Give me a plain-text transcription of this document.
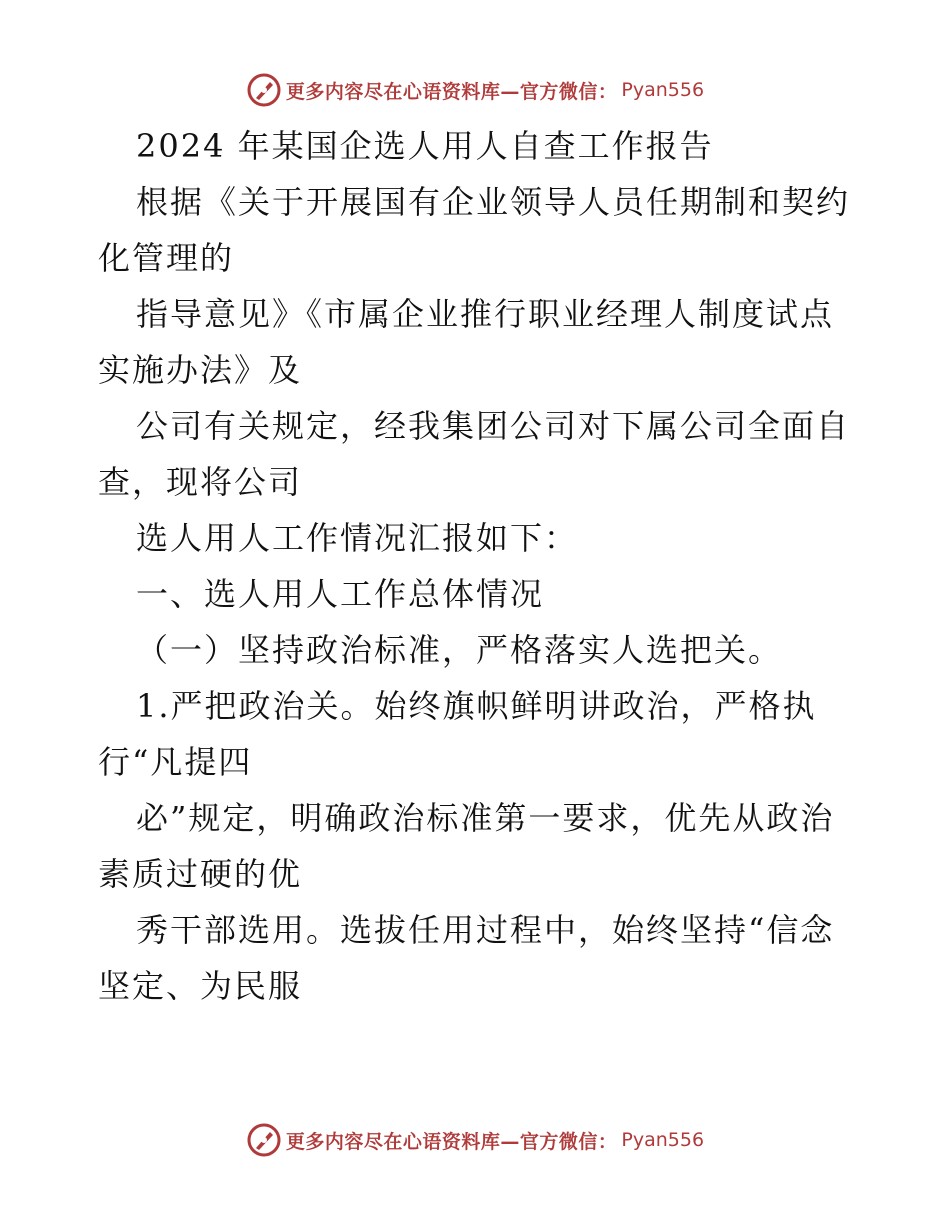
更多内容尽在心语资料库—官方微信： Pyan556
2024 年某国企选人用人自查工作报告
根据《关于开展国有企业领导人员任期制和契约
化管理的
指导意见》《市属企业推行职业经理人制度试点
实施办法》及
公司有关规定，经我集团公司对下属公司全面自
查，现将公司
选人用人工作情况汇报如下：
一、选人用人工作总体情况
（一）坚持政治标准，严格落实人选把关。
1.严把政治关。始终旗帜鲜明讲政治，严格执
行“凡提四
必”规定，明确政治标准第一要求，优先从政治
素质过硬的优
秀干部选用。选拔任用过程中，始终坚持“信念
坚定、为民服
更多内容尽在心语资料库—官方微信： Pyan556
